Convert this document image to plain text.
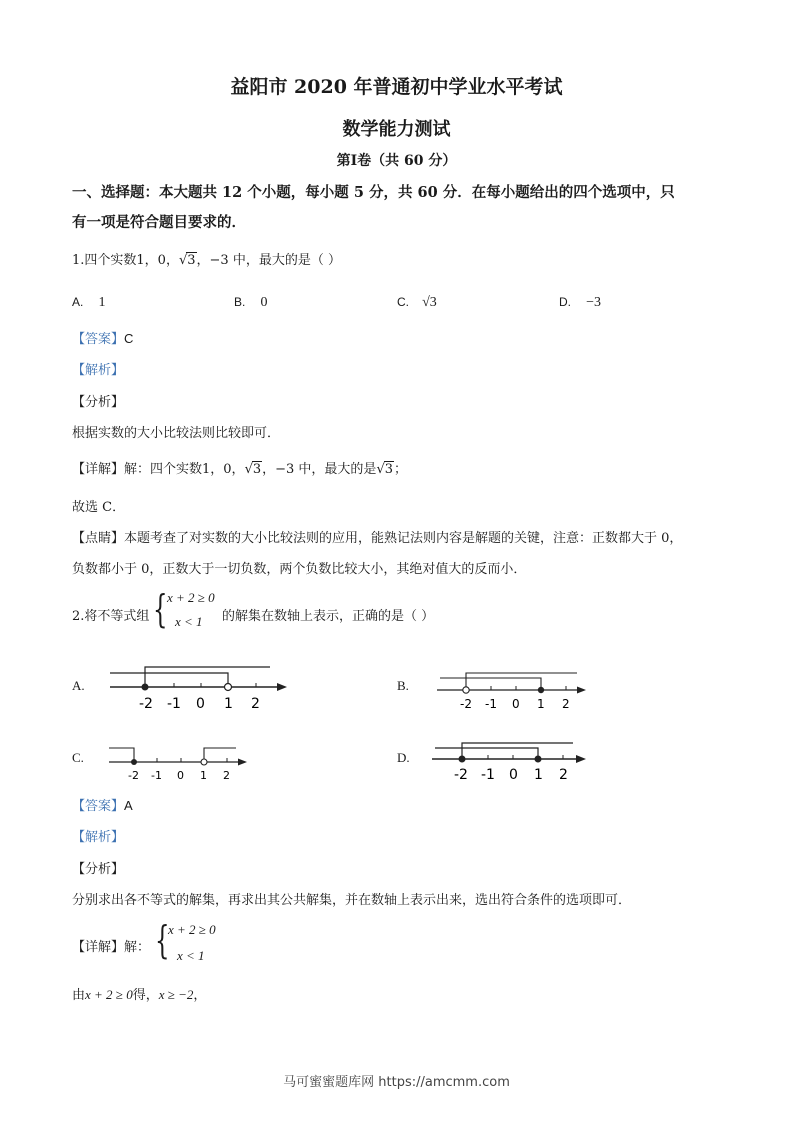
益阳市 2020 年普通初中学业水平考试
数学能力测试
第Ⅰ卷（共 60 分）
一、选择题：本大题共 12 个小题，每小题 5 分，共 60 分．在每小题给出的四个选项中，只
有一项是符合题目要求的．
1.四个实数1，0，√3，−3 中，最大的是（ ）
A. 1	B. 0	C. √3	D. −3
【答案】C
【解析】
【分析】
根据实数的大小比较法则比较即可．
【详解】解：四个实数1，0，√3，−3 中，最大的是√3；
故选 C．
【点睛】本题考查了对实数的大小比较法则的应用，能熟记法则内容是解题的关键，注意：正数都大于 0，
负数都小于 0，正数大于一切负数，两个负数比较大小，其绝对值大的反而小．
2.将不等式组 { x + 2 ≥ 0
x < 1 的解集在数轴上表示，正确的是（ ）
A.
-2 -1 0 1 2
B.
-2 -1 0 1 2
C.
-2 -1 0 1 2
D.
-2 -1 0 1 2
【答案】A
【解析】
【分析】
分别求出各不等式的解集，再求出其公共解集，并在数轴上表示出来，选出符合条件的选项即可．
【详解】解： {
x + 2 ≥ 0
x < 1
由x + 2 ≥ 0得，x ≥ −2，
马可蜜蜜题库网 https://amcmm.com
